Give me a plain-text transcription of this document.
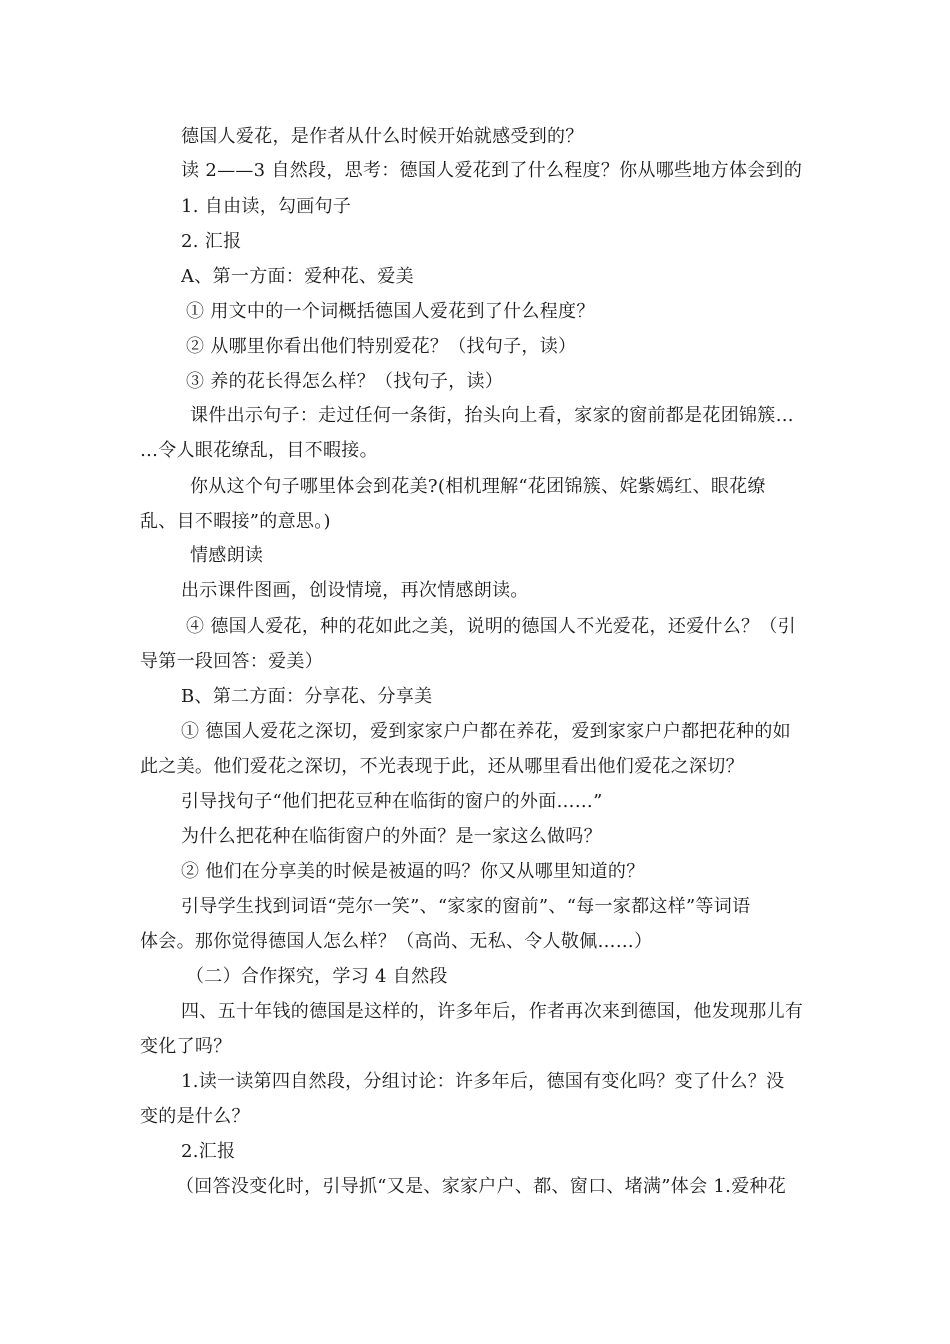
德国人爱花，是作者从什么时候开始就感受到的？
读 2——3 自然段，思考：德国人爱花到了什么程度？你从哪些地方体会到的
1. 自由读，勾画句子
2. 汇报
A、第一方面：爱种花、爱美
① 用文中的一个词概括德国人爱花到了什么程度？
② 从哪里你看出他们特别爱花？（找句子，读）
③ 养的花长得怎么样？（找句子，读）
课件出示句子：走过任何一条街，抬头向上看，家家的窗前都是花团锦簇…
…令人眼花缭乱，目不暇接。
你从这个句子哪里体会到花美?(相机理解“花团锦簇、姹紫嫣红、眼花缭
乱、目不暇接”的意思。)
情感朗读
出示课件图画，创设情境，再次情感朗读。
④ 德国人爱花，种的花如此之美，说明的德国人不光爱花，还爱什么？（引
导第一段回答：爱美）
B、第二方面：分享花、分享美
① 德国人爱花之深切，爱到家家户户都在养花，爱到家家户户都把花种的如
此之美。他们爱花之深切，不光表现于此，还从哪里看出他们爱花之深切？
引导找句子“他们把花豆种在临街的窗户的外面……”
为什么把花种在临街窗户的外面？是一家这么做吗？
② 他们在分享美的时候是被逼的吗？你又从哪里知道的？
引导学生找到词语“莞尔一笑”、“家家的窗前”、“每一家都这样”等词语
体会。那你觉得德国人怎么样？（高尚、无私、令人敬佩……）
（二）合作探究，学习 4 自然段
四、五十年钱的德国是这样的，许多年后，作者再次来到德国，他发现那儿有
变化了吗？
1.读一读第四自然段，分组讨论：许多年后，德国有变化吗？变了什么？没
变的是什么？
2.汇报
（回答没变化时，引导抓“又是、家家户户、都、窗口、堵满”体会 1.爱种花
